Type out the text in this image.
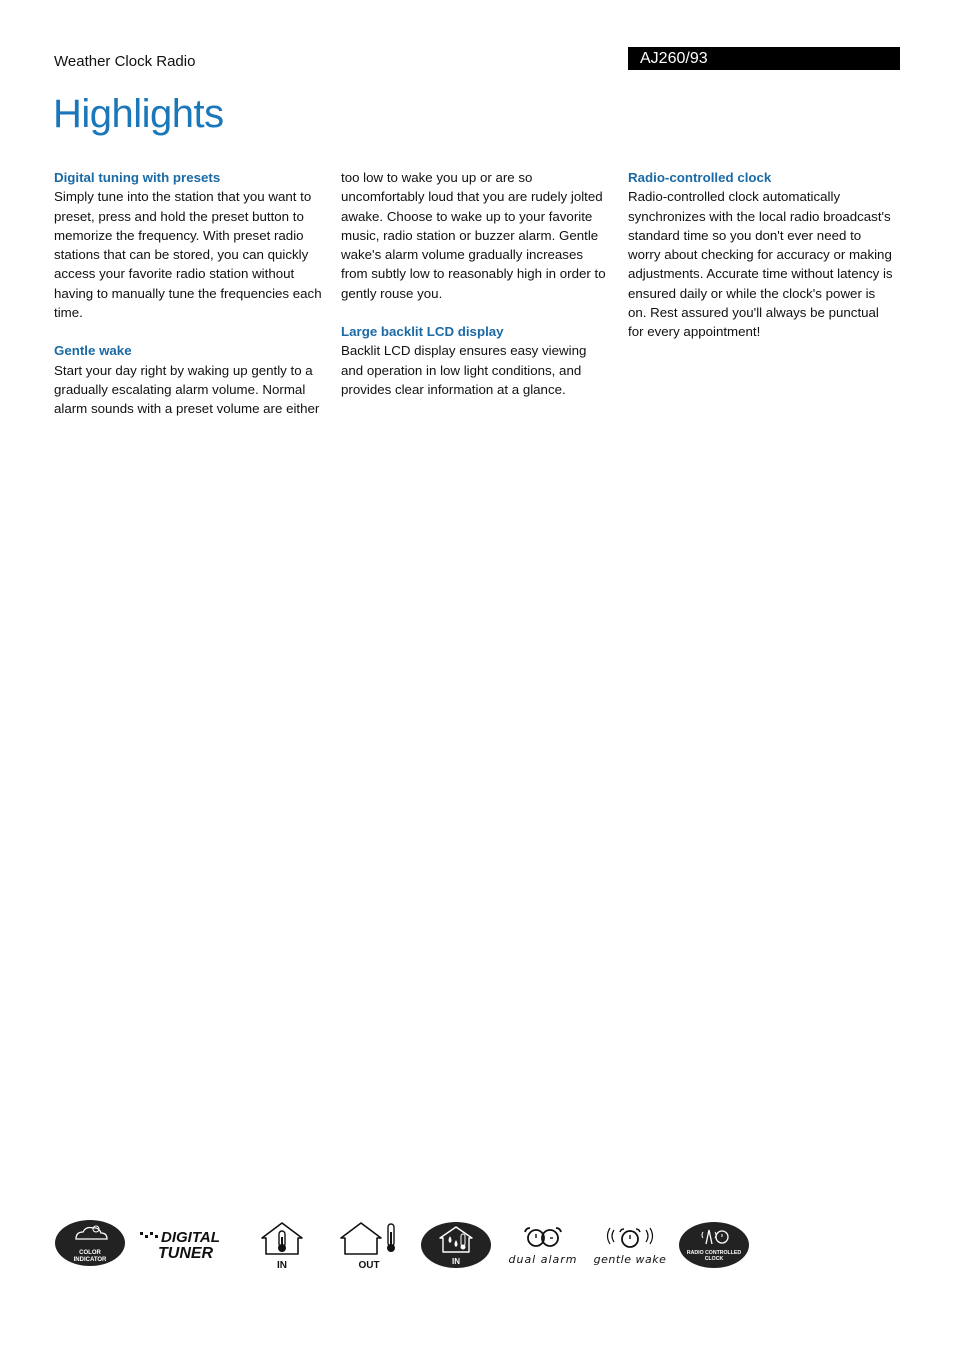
Weather Clock Radio	AJ260/93
Highlights

Digital tuning with presets

Simply tune into the station that you want to preset, press and hold the preset button to memorize the frequency. With preset radio stations that can be stored, you can quickly access your favorite radio station without having to manually tune the frequencies each time.

Gentle wake

Start your day right by waking up gently to a gradually escalating alarm volume. Normal alarm sounds with a preset volume are either

too low to wake you up or are so uncomfortably loud that you are rudely jolted awake. Choose to wake up to your favorite music, radio station or buzzer alarm. Gentle wake's alarm volume gradually increases from subtly low to reasonably high in order to gently rouse you.

Large backlit LCD display

Backlit LCD display ensures easy viewing and operation in low light conditions, and provides clear information at a glance.

Radio-controlled clock

Radio-controlled clock automatically synchronizes with the local radio broadcast's standard time so you don't ever need to worry about checking for accuracy or making adjustments. Accurate time without latency is ensured daily or while the clock's power is on. Rest assured you'll always be punctual for every appointment!

COLOR
INDICATOR
DIGITAL
TUNER
IN	OUT	IN	dual alarm gentle wake	RADIO CONTROLLED
CLOCK
